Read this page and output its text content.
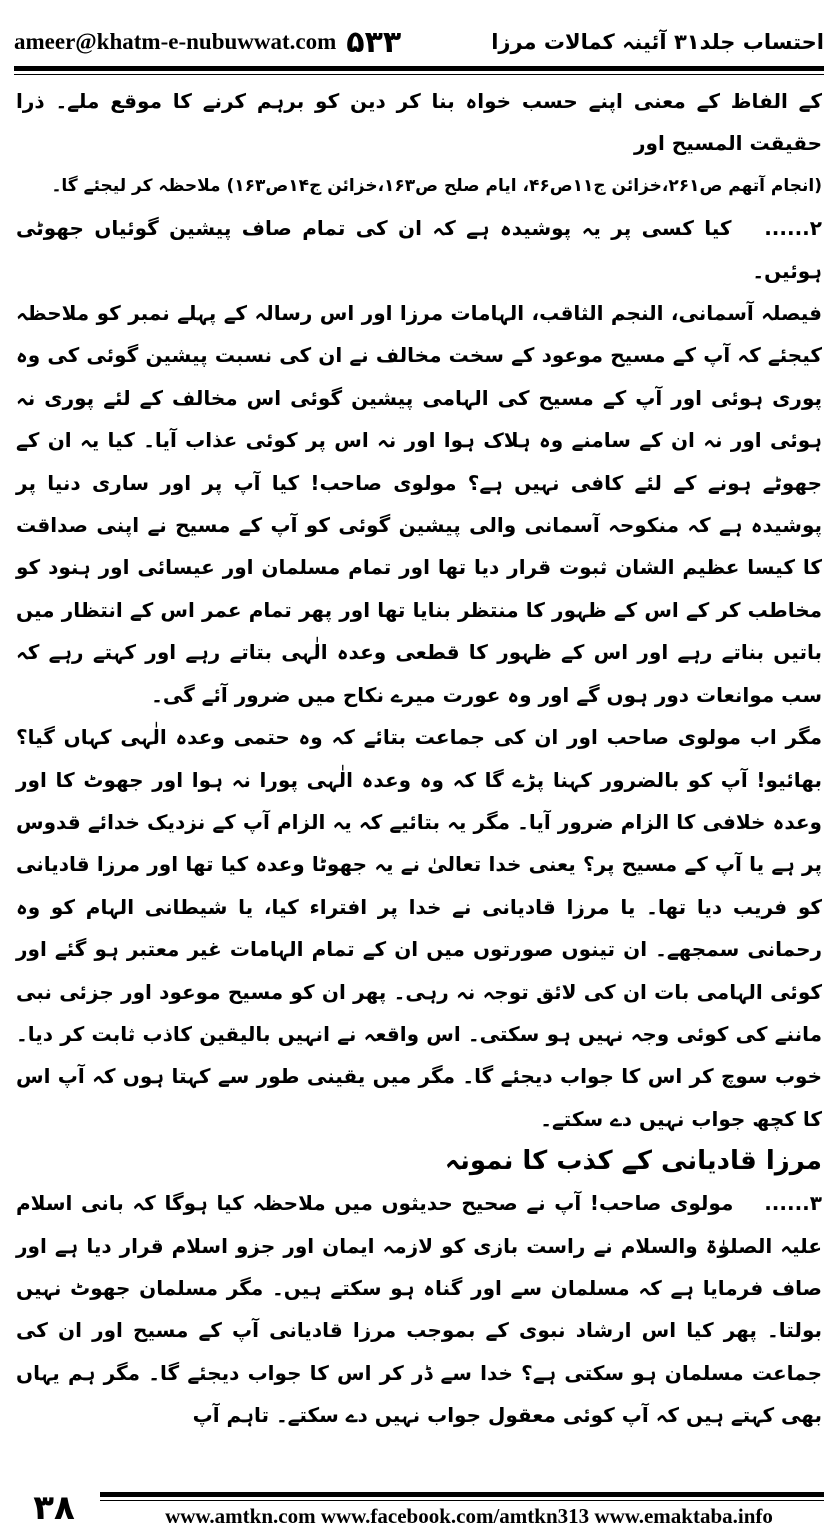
ameer@khatm-e-nubuwwat.com ۵۳۳	احتساب جلد۳۱ آئینہ کمالات مرزا

کے الفاظ کے معنی اپنے حسب خواہ بنا کر دین کو برہم کرنے کا موقع ملے۔ ذرا حقیقت المسیح اور

(انجام آتھم ص۲۶۱،خزائن ج۱۱ص۴۶، ایام صلح ص۱۶۳،خزائن ج۱۴ص۱۶۳) ملاحظہ کر لیجئے گا۔

۲...... کیا کسی پر یہ پوشیدہ ہے کہ ان کی تمام صاف پیشین گوئیاں جھوٹی ہوئیں۔

فیصلہ آسمانی، النجم الثاقب، الہامات مرزا اور اس رسالہ کے پہلے نمبر کو ملاحظہ کیجئے کہ آپ کے مسیح موعود کے سخت مخالف نے ان کی نسبت پیشین گوئی کی وہ پوری ہوئی اور آپ کے مسیح کی الہامی پیشین گوئی اس مخالف کے لئے پوری نہ ہوئی اور نہ ان کے سامنے وہ ہلاک ہوا اور نہ اس پر کوئی عذاب آیا۔ کیا یہ ان کے جھوٹے ہونے کے لئے کافی نہیں ہے؟ مولوی صاحب! کیا آپ پر اور ساری دنیا پر پوشیدہ ہے کہ منکوحہ آسمانی والی پیشین گوئی کو آپ کے مسیح نے اپنی صداقت کا کیسا عظیم الشان ثبوت قرار دیا تھا اور تمام مسلمان اور عیسائی اور ہنود کو مخاطب کر کے اس کے ظہور کا منتظر بنایا تھا اور پھر تمام عمر اس کے انتظار میں باتیں بناتے رہے اور اس کے ظہور کا قطعی وعدہ الٰہی بتاتے رہے اور کہتے رہے کہ سب موانعات دور ہوں گے اور وہ عورت میرے نکاح میں ضرور آئے گی۔

مگر اب مولوی صاحب اور ان کی جماعت بتائے کہ وہ حتمی وعدہ الٰہی کہاں گیا؟ بھائیو! آپ کو بالضرور کہنا پڑے گا کہ وہ وعدہ الٰہی پورا نہ ہوا اور جھوٹ کا اور وعدہ خلافی کا الزام ضرور آیا۔ مگر یہ بتائیے کہ یہ الزام آپ کے نزدیک خدائے قدوس پر ہے یا آپ کے مسیح پر؟ یعنی خدا تعالیٰ نے یہ جھوٹا وعدہ کیا تھا اور مرزا قادیانی کو فریب دیا تھا۔ یا مرزا قادیانی نے خدا پر افتراء کیا، یا شیطانی الہام کو وہ رحمانی سمجھے۔ ان تینوں صورتوں میں ان کے تمام الہامات غیر معتبر ہو گئے اور کوئی الہامی بات ان کی لائق توجہ نہ رہی۔ پھر ان کو مسیح موعود اور جزئی نبی ماننے کی کوئی وجہ نہیں ہو سکتی۔ اس واقعہ نے انہیں بالیقین کاذب ثابت کر دیا۔ خوب سوچ کر اس کا جواب دیجئے گا۔ مگر میں یقینی طور سے کہتا ہوں کہ آپ اس کا کچھ جواب نہیں دے سکتے۔

مرزا قادیانی کے کذب کا نمونہ

۳...... مولوی صاحب! آپ نے صحیح حدیثوں میں ملاحظہ کیا ہوگا کہ بانی اسلام علیہ الصلوٰۃ والسلام نے راست بازی کو لازمہ ایمان اور جزو اسلام قرار دیا ہے اور صاف فرمایا ہے کہ مسلمان سے اور گناہ ہو سکتے ہیں۔ مگر مسلمان جھوٹ نہیں بولتا۔ پھر کیا اس ارشاد نبوی کے بموجب مرزا قادیانی آپ کے مسیح اور ان کی جماعت مسلمان ہو سکتی ہے؟ خدا سے ڈر کر اس کا جواب دیجئے گا۔ مگر ہم یہاں بھی کہتے ہیں کہ آپ کوئی معقول جواب نہیں دے سکتے۔ تاہم آپ

۳۸	www.amtkn.com www.facebook.com/amtkn313 www.emaktaba.info
